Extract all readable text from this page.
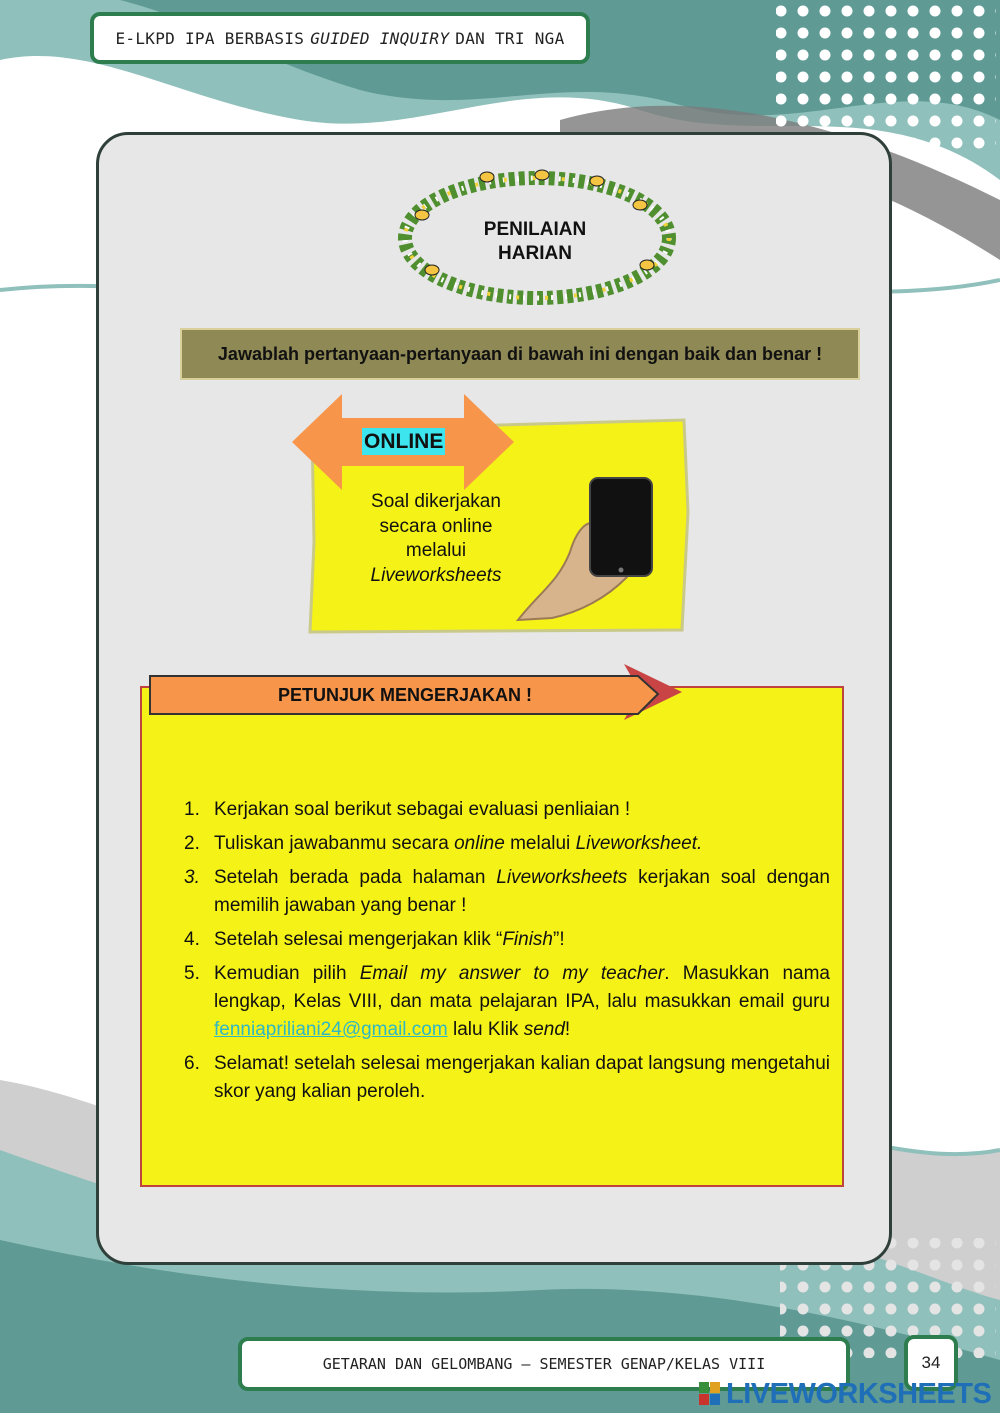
E-LKPD IPA BERBASIS GUIDED INQUIRY DAN TRI NGA
PENILAIAN
HARIAN
Jawablah pertanyaan-pertanyaan di bawah ini dengan baik dan benar !
ONLINE
Soal dikerjakan
secara online
melalui
Liveworksheets
PETUNJUK MENGERJAKAN !
1. Kerjakan soal berikut sebagai evaluasi penliaian !
2. Tuliskan jawabanmu secara online melalui Liveworksheet.
3. Setelah berada pada halaman Liveworksheets kerjakan soal dengan memilih jawaban yang benar !
4. Setelah selesai mengerjakan klik “Finish”!
5. Kemudian pilih Email my answer to my teacher. Masukkan nama lengkap, Kelas VIII, dan mata pelajaran IPA, lalu masukkan email guru fenniapriliani24@gmail.com lalu Klik send!
6. Selamat! setelah selesai mengerjakan kalian dapat langsung mengetahui skor yang kalian peroleh.
GETARAN DAN GELOMBANG – SEMESTER GENAP/KELAS VIII	34
LIVEWORKSHEETS
